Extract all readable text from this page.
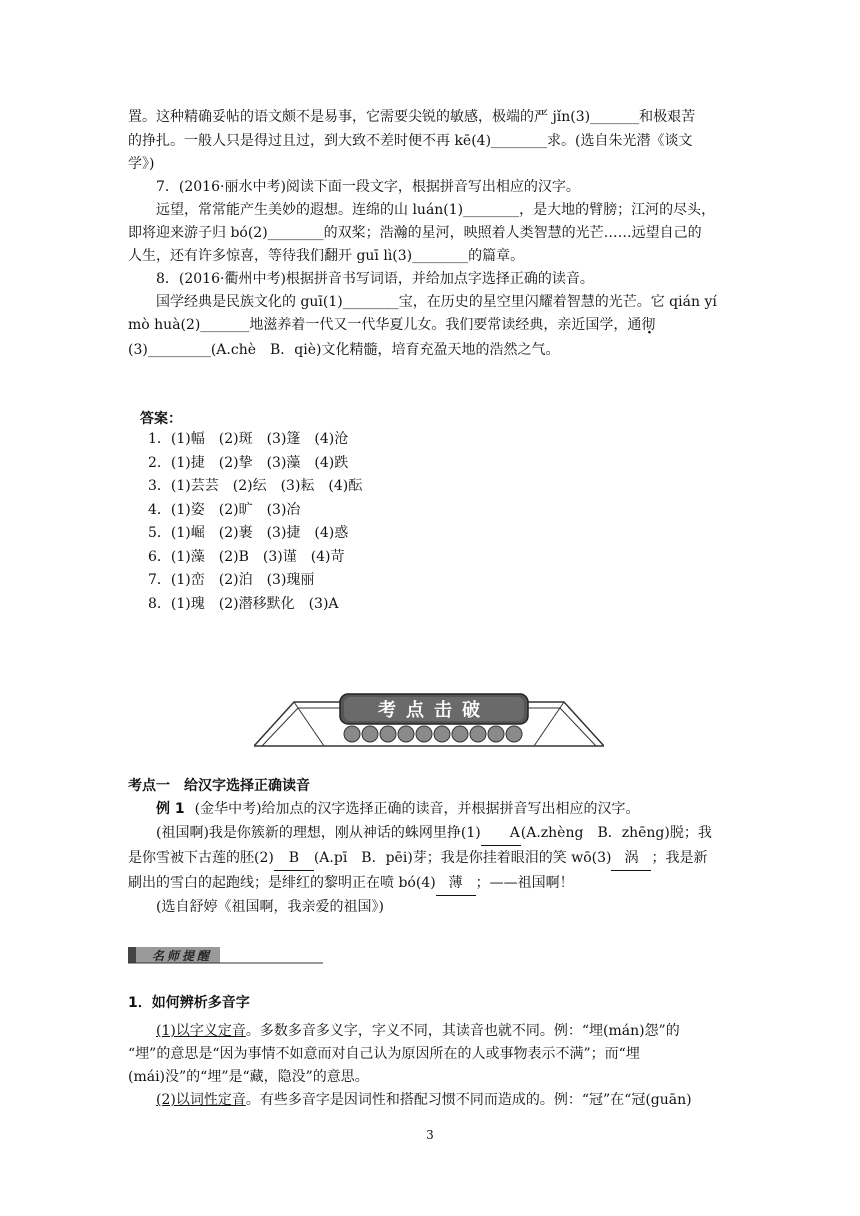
置。这种精确妥帖的语文颇不是易事，它需要尖锐的敏感，极端的严 jǐn(3)_______和极艰苦

的挣扎。一般人只是得过且过，到大致不差时便不再 kē(4)________求。(选自朱光潜《谈文

学》)

7．(2016·丽水中考)阅读下面一段文字，根据拼音写出相应的汉字。

远望，常常能产生美妙的遐想。连绵的山 luán(1)________，是大地的臂膀；江河的尽头，

即将迎来游子归 bó(2)________的双桨；浩瀚的星河，映照着人类智慧的光芒……远望自己的

人生，还有许多惊喜，等待我们翻开 guī lì(3)________的篇章。

8．(2016·衢州中考)根据拼音书写词语，并给加点字选择正确的读音。

国学经典是民族文化的 guī(1)________宝，在历史的星空里闪耀着智慧的光芒。它 qián yí

mò huà(2)_______地滋养着一代又一代华夏儿女。我们要常读经典，亲近国学，通彻

(3)_________(A.chè　B．qiè)文化精髓，培育充盈天地的浩然之气。

答案：
1．(1)幅　(2)斑　(3)篷　(4)沧
2．(1)捷　(2)挚　(3)藻　(4)跌
3．(1)芸芸　(2)纭　(3)耘　(4)酝
4．(1)姿　(2)旷　(3)冶
5．(1)崛　(2)裹　(3)捷　(4)惑
6．(1)藻　(2)B　(3)谨　(4)苛
7．(1)峦　(2)泊　(3)瑰丽
8．(1)瑰　(2)潜移默化　(3)A
考点击破
考点一　给汉字选择正确读音

例 1 (金华中考)给加点的汉字选择正确的读音，并根据拼音写出相应的汉字。

(祖国啊)我是你簇新的理想，刚从神话的蛛网里挣(1) A(A.zhèng　B．zhēng)脱；我

是你雪被下古莲的胚(2) B (A.pī　B．pēi)芽；我是你挂着眼泪的笑 wō(3) 涡 ；我是新

刷出的雪白的起跑线；是绯红的黎明正在喷 bó(4) 薄 ；——祖国啊！

(选自舒婷《祖国啊，我亲爱的祖国》)

名师提醒
1．如何辨析多音字

(1)以字义定音。多数多音多义字，字义不同，其读音也就不同。例：“埋(mán)怨”的

“埋”的意思是“因为事情不如意而对自己认为原因所在的人或事物表示不满”；而“埋

(mái)没”的“埋”是“藏，隐没”的意思。

(2)以词性定音。有些多音字是因词性和搭配习惯不同而造成的。例：“冠”在“冠(guān)

3
